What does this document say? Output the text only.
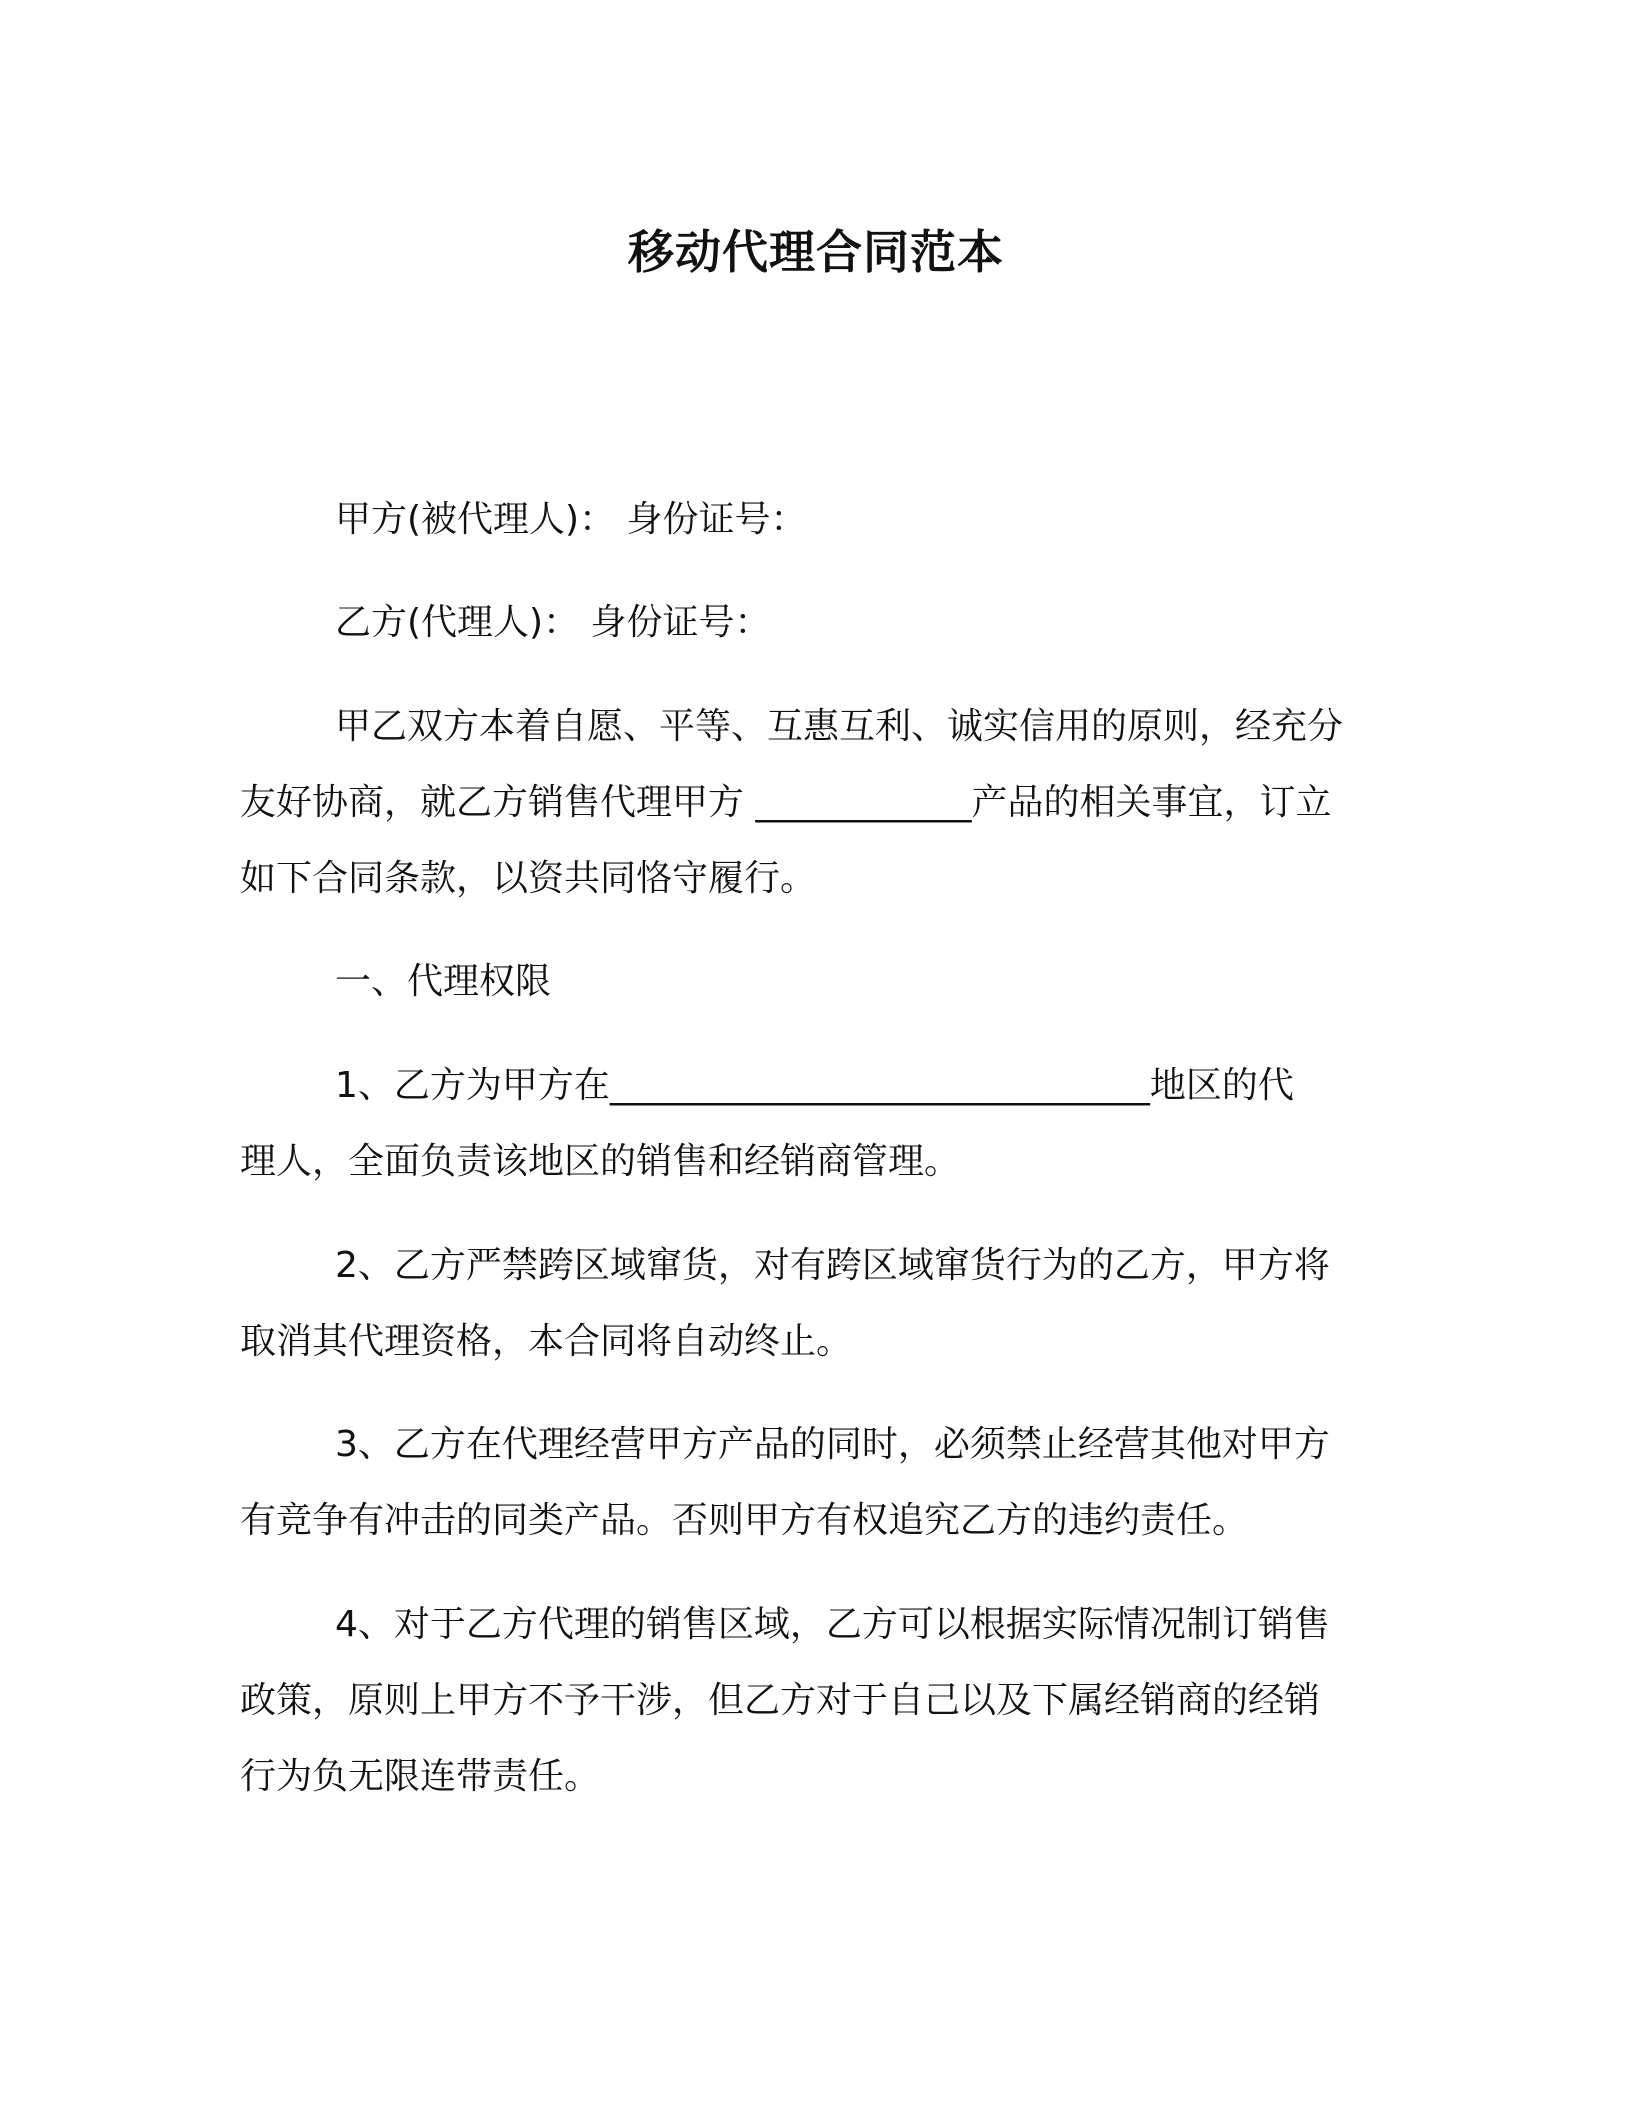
移动代理合同范本
甲方(被代理人)： 身份证号：
乙方(代理人)： 身份证号：
甲乙双方本着自愿、平等、互惠互利、诚实信用的原则，经充分
友好协商，就乙方销售代理甲方 ____________产品的相关事宜，订立
如下合同条款，以资共同恪守履行。
一、代理权限
1、乙方为甲方在______________________________地区的代
理人，全面负责该地区的销售和经销商管理。
2、乙方严禁跨区域窜货，对有跨区域窜货行为的乙方，甲方将
取消其代理资格，本合同将自动终止。
3、乙方在代理经营甲方产品的同时，必须禁止经营其他对甲方
有竞争有冲击的同类产品。否则甲方有权追究乙方的违约责任。
4、对于乙方代理的销售区域，乙方可以根据实际情况制订销售
政策，原则上甲方不予干涉，但乙方对于自己以及下属经销商的经销
行为负无限连带责任。
